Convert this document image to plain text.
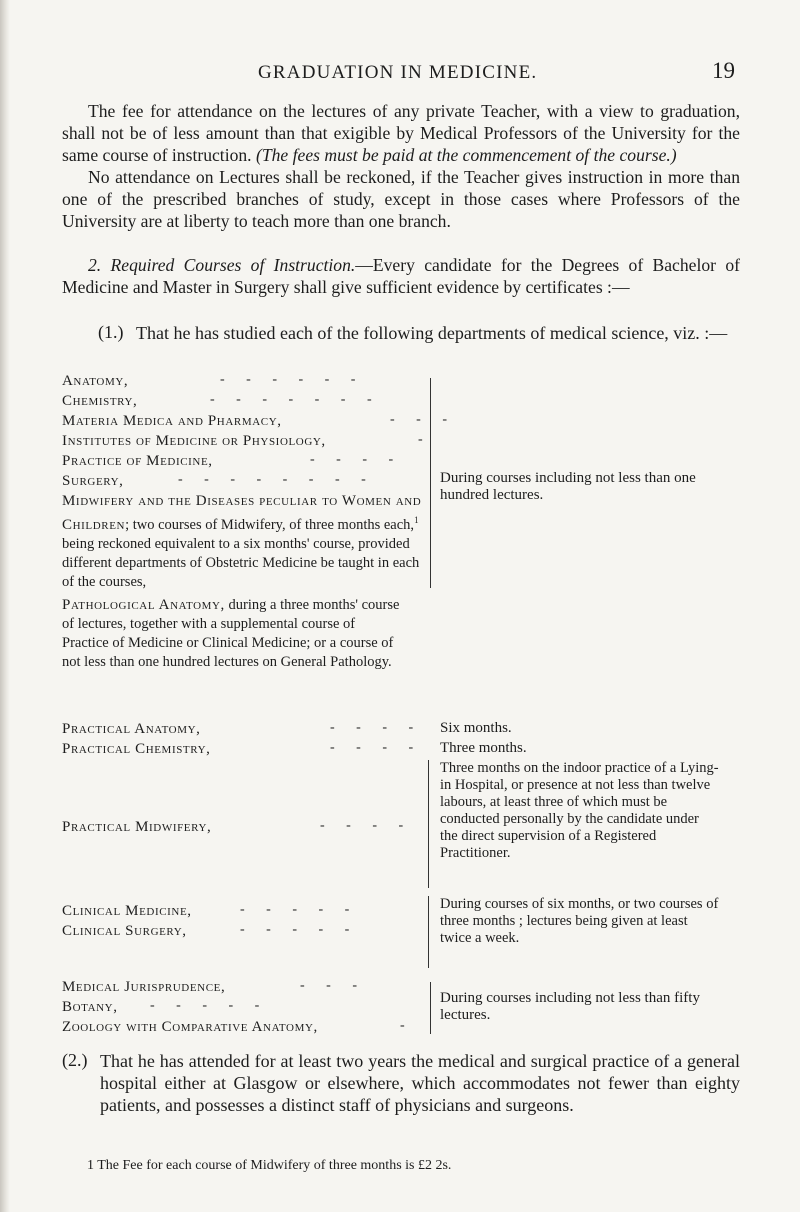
GRADUATION IN MEDICINE.	19

The fee for attendance on the lectures of any private Teacher, with a view to graduation, shall not be of less amount than that exigible by Medical Professors of the University for the same course of instruction. (The fees must be paid at the commencement of the course.)
No attendance on Lectures shall be reckoned, if the Teacher gives instruction in more than one of the prescribed branches of study, except in those cases where Professors of the University are at liberty to teach more than one branch.

2. Required Courses of Instruction.—Every candidate for the Degrees of Bachelor of Medicine and Master in Surgery shall give sufficient evidence by certificates :—

(1.) That he has studied each of the following departments of medical science, viz. :—

Anatomy,	- - - - - -
Chemistry,	- - - - - - -
Materia Medica and Pharmacy,	- - -
Institutes of Medicine or Physiology,	-
Practice of Medicine,	- - - -
Surgery,	- - - - - - - -
Midwifery and the Diseases peculiar to Women and Children; two courses of Midwifery, of three months each,$^1$ being reckoned equivalent to a six months' course, provided different departments of Obstetric Medicine be taught in each of the courses,
During courses including not less than one hundred lectures.
Pathological Anatomy, during a three months' course of lectures, together with a supplemental course of Practice of Medicine or Clinical Medicine; or a course of not less than one hundred lectures on General Pathology.
Practical Anatomy,	- - - - Six months.
Practical Chemistry,	- - - - Three months.
Practical Midwifery,	- - - -
Three months on the indoor practice of a Lying-in Hospital, or presence at not less than twelve labours, at least three of which must be conducted personally by the candidate under the direct supervision of a Registered Practitioner.
Clinical Medicine,	- - - - -
Clinical Surgery,	- - - - -
During courses of six months, or two courses of three months ; lectures being given at least twice a week.
Medical Jurisprudence,	- - -
Botany, - - - - -
Zoology with Comparative Anatomy,	-
During courses including not less than fifty lectures.
(2.) That he has attended for at least two years the medical and surgical practice of a general hospital either at Glasgow or elsewhere, which accommodates not fewer than eighty patients, and possesses a distinct staff of physicians and surgeons.

1 The Fee for each course of Midwifery of three months is £2 2s.
